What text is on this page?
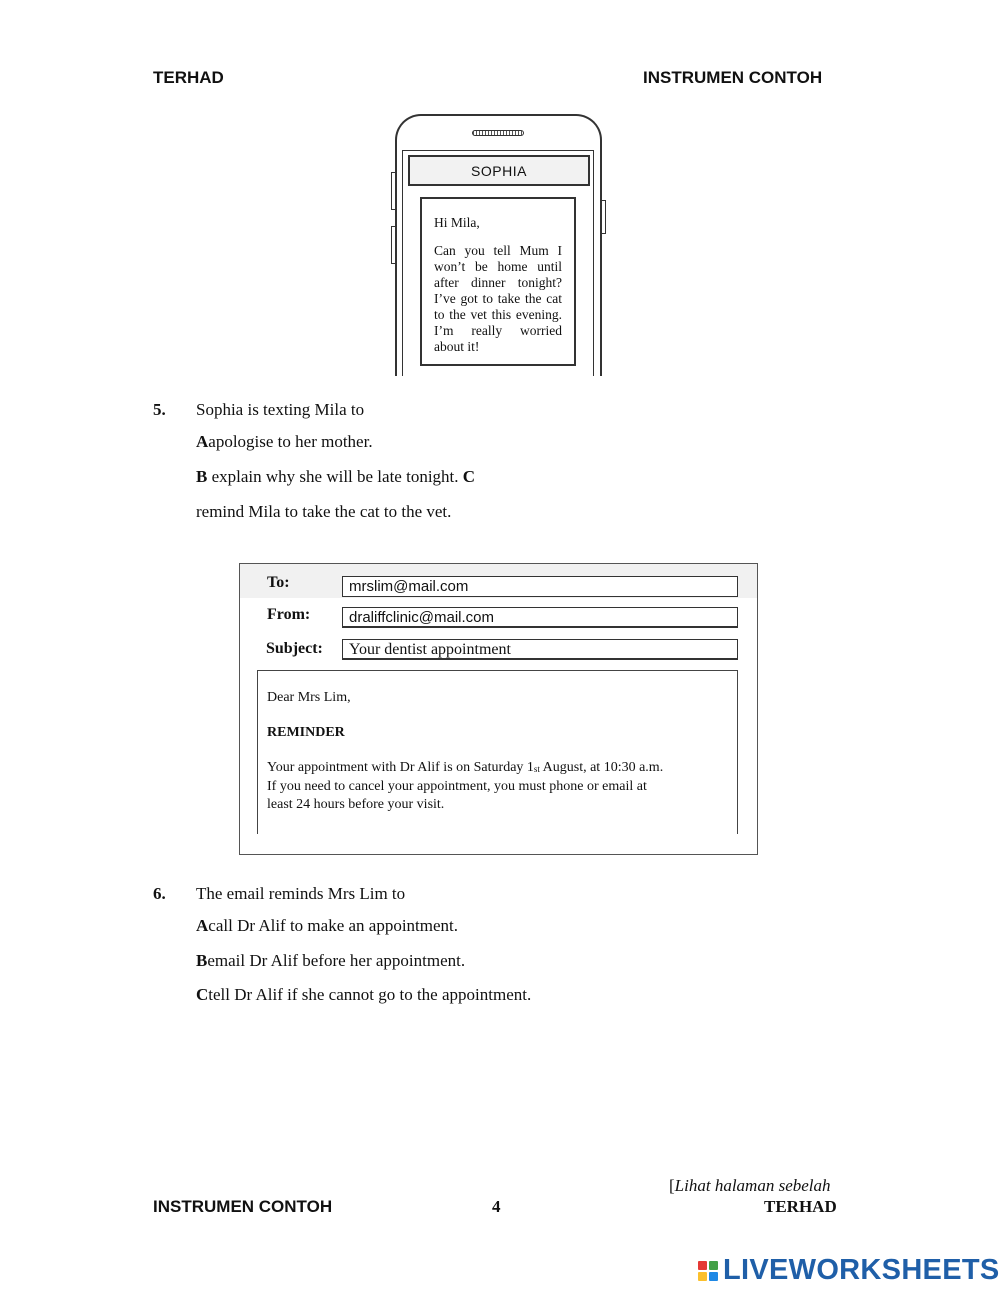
TERHAD	INSTRUMEN CONTOH
SOPHIA

Hi Mila,

Can you tell Mum I won’t be home until after dinner tonight? I’ve got to take the cat to the vet this evening. I’m really worried about it!

5. Sophia is texting Mila to
Aapologise to her mother.
B explain why she will be late tonight. C
remind Mila to take the cat to the vet.
To:	mrslim@mail.com
From:	draliffclinic@mail.com
Subject:	Your dentist appointment

Dear Mrs Lim,

REMINDER

Your appointment with Dr Alif is on Saturday 1st August, at 10:30 a.m.
If you need to cancel your appointment, you must phone or email at
least 24 hours before your visit.

6. The email reminds Mrs Lim to
Acall Dr Alif to make an appointment.
Bemail Dr Alif before her appointment.
Ctell Dr Alif if she cannot go to the appointment.
[Lihat halaman sebelah
INSTRUMEN CONTOH	4	TERHAD
LIVEWORKSHEETS
